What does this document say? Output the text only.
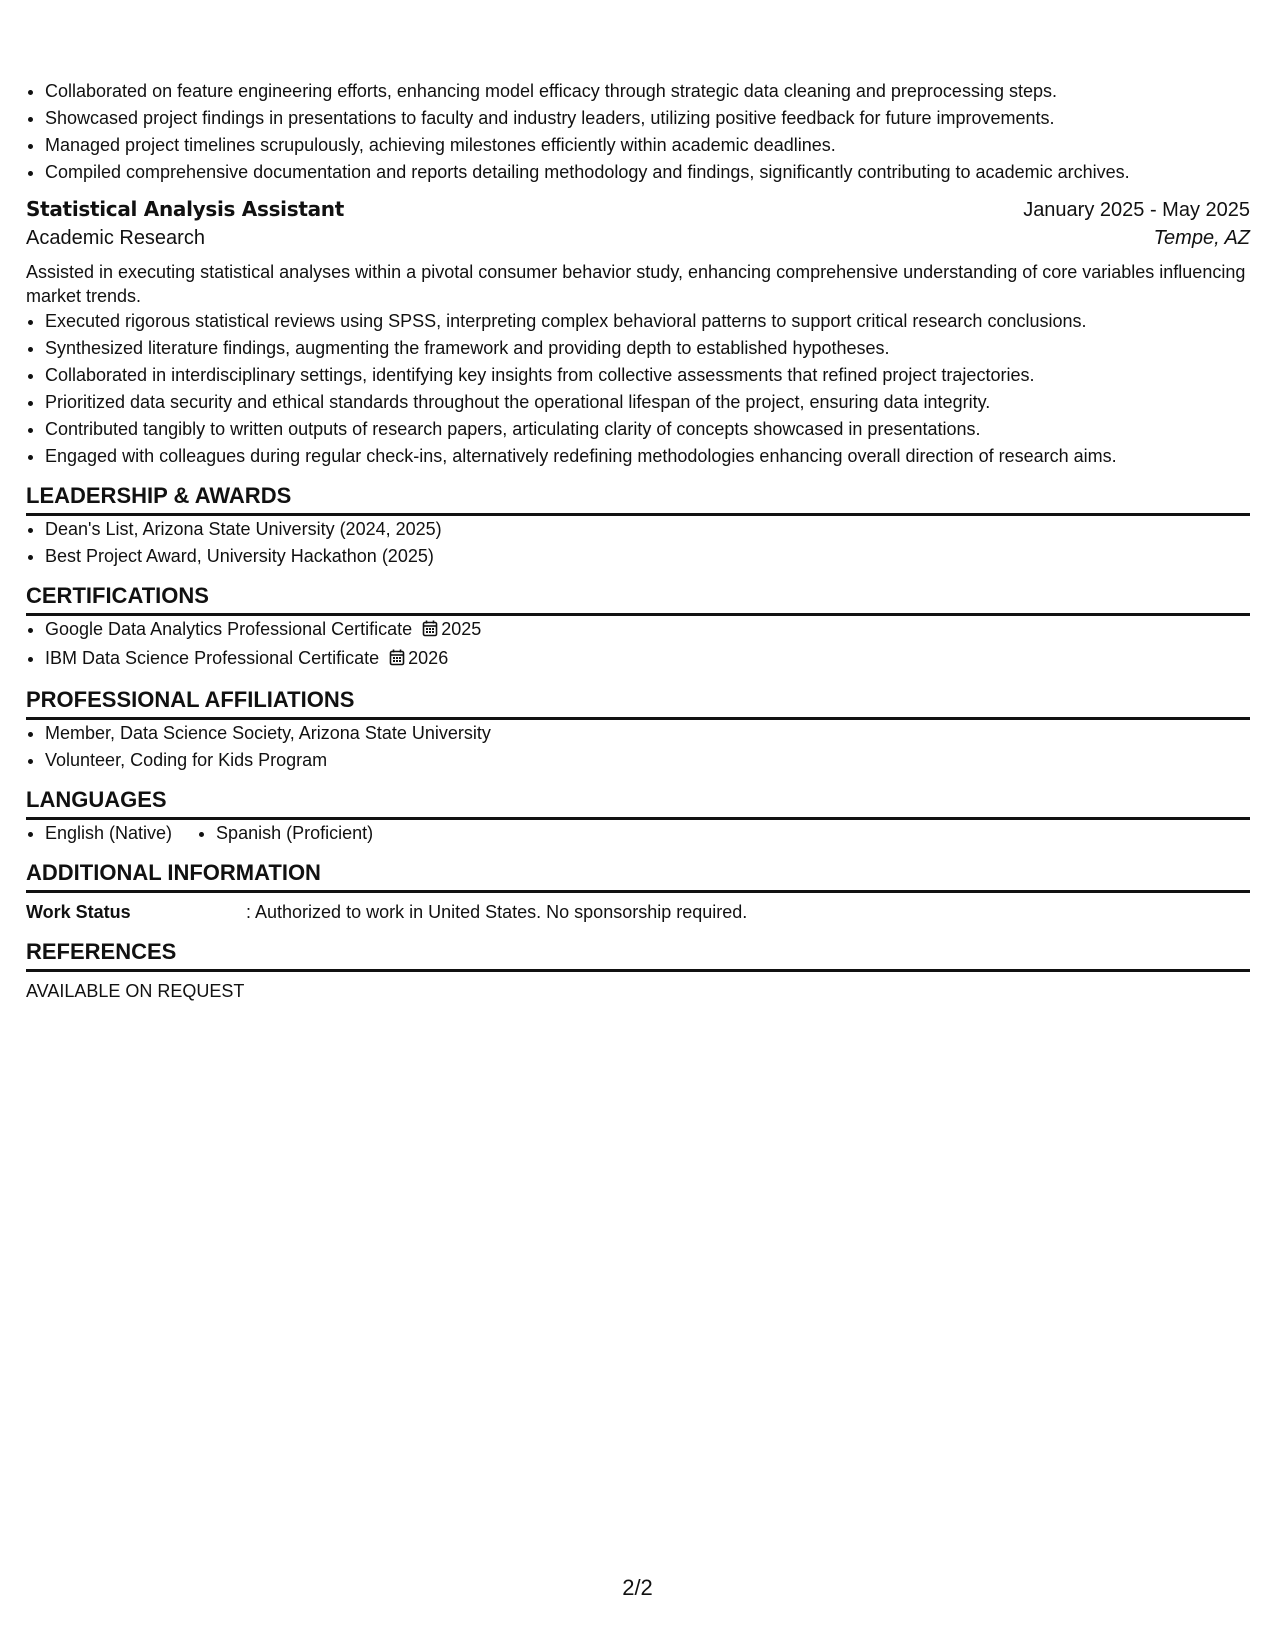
• Collaborated on feature engineering efforts, enhancing model efficacy through strategic data cleaning and preprocessing steps.
• Showcased project findings in presentations to faculty and industry leaders, utilizing positive feedback for future improvements.
• Managed project timelines scrupulously, achieving milestones efficiently within academic deadlines.
• Compiled comprehensive documentation and reports detailing methodology and findings, significantly contributing to academic archives.
Statistical Analysis Assistant	January 2025 - May 2025
Academic Research	Tempe, AZ

Assisted in executing statistical analyses within a pivotal consumer behavior study, enhancing comprehensive understanding of core variables influencing market trends.

• Executed rigorous statistical reviews using SPSS, interpreting complex behavioral patterns to support critical research conclusions.
• Synthesized literature findings, augmenting the framework and providing depth to established hypotheses.
• Collaborated in interdisciplinary settings, identifying key insights from collective assessments that refined project trajectories.
• Prioritized data security and ethical standards throughout the operational lifespan of the project, ensuring data integrity.
• Contributed tangibly to written outputs of research papers, articulating clarity of concepts showcased in presentations.
• Engaged with colleagues during regular check-ins, alternatively redefining methodologies enhancing overall direction of research aims.
LEADERSHIP & AWARDS
• Dean's List, Arizona State University (2024, 2025)
• Best Project Award, University Hackathon (2025)
CERTIFICATIONS
• Google Data Analytics Professional Certificate 2025
• IBM Data Science Professional Certificate 2026
PROFESSIONAL AFFILIATIONS
• Member, Data Science Society, Arizona State University
• Volunteer, Coding for Kids Program
LANGUAGES
• English (Native)
• Spanish (Proficient)
ADDITIONAL INFORMATION
Work Status	: Authorized to work in United States. No sponsorship required.
REFERENCES
AVAILABLE ON REQUEST
2/2
